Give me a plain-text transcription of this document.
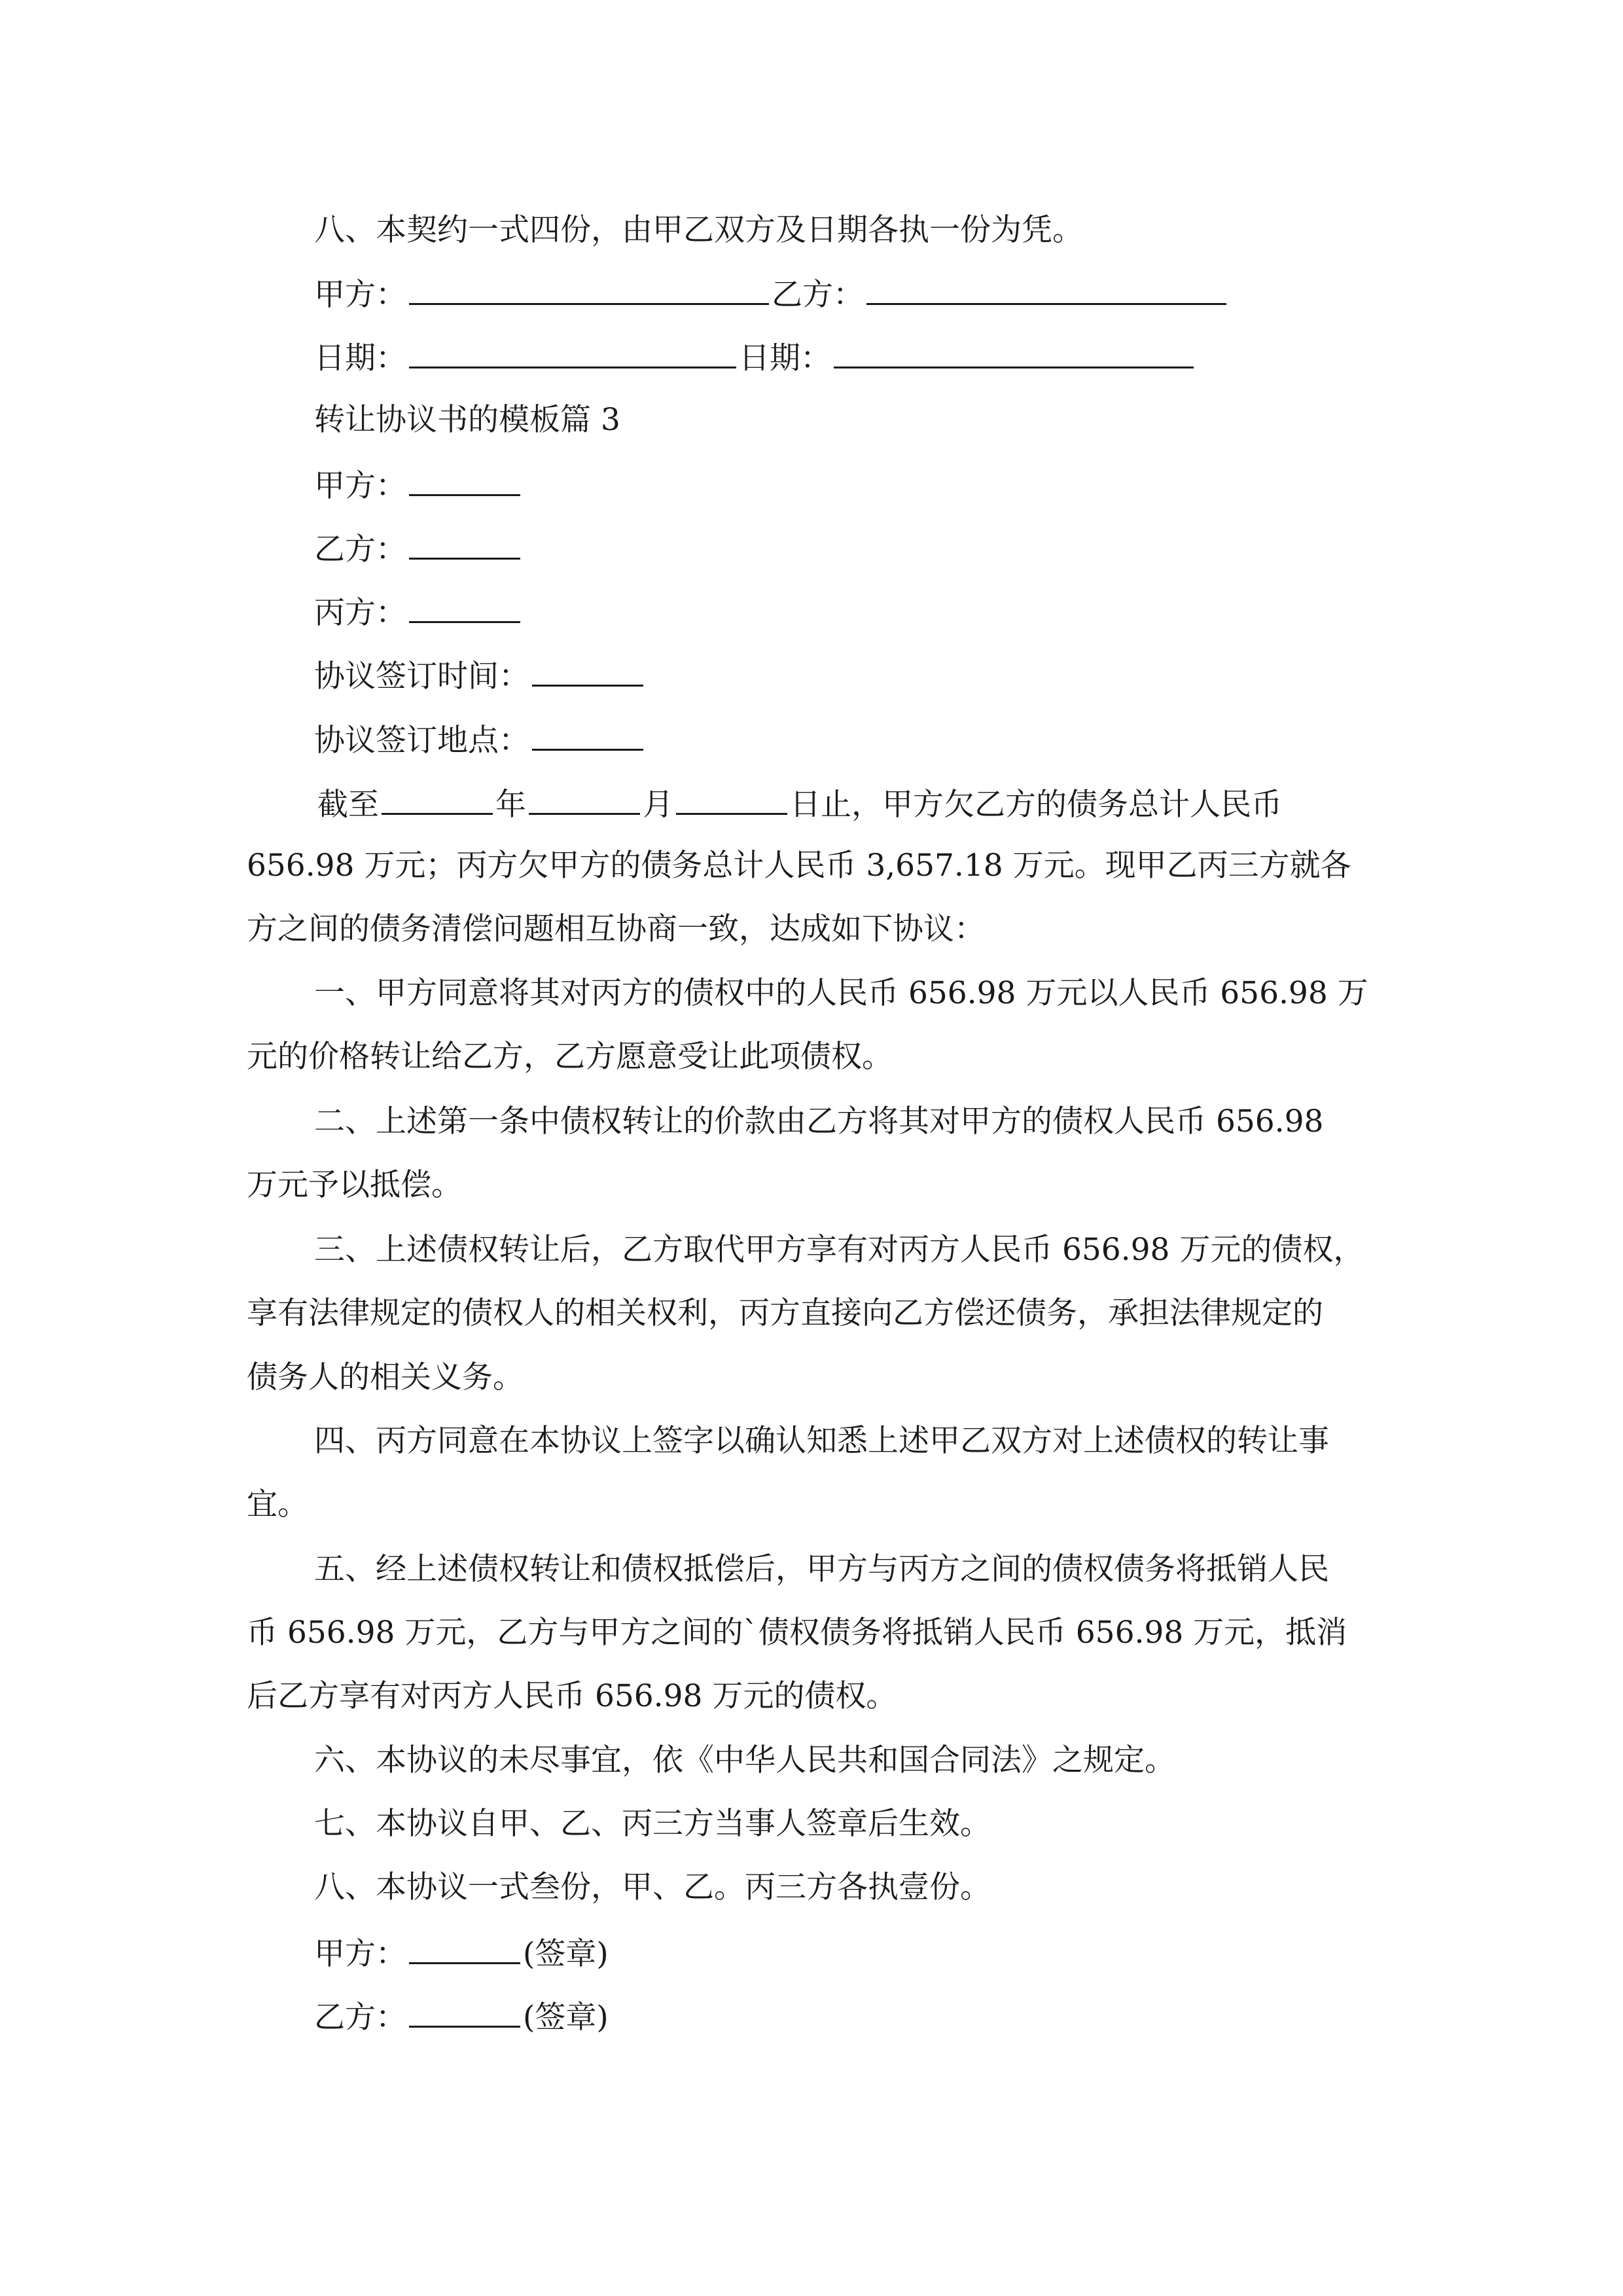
八、本契约一式四份，由甲乙双方及日期各执一份为凭。
甲方：	乙方：
日期：	日期：
转让协议书的模板篇 3
甲方：
乙方：
丙方：
协议签订时间：
协议签订地点：
截至	年	月	日止，甲方欠乙方的债务总计人民币
656.98 万元；丙方欠甲方的债务总计人民币 3,657.18 万元。现甲乙丙三方就各
方之间的债务清偿问题相互协商一致，达成如下协议：
一、甲方同意将其对丙方的债权中的人民币 656.98 万元以人民币 656.98 万
元的价格转让给乙方，乙方愿意受让此项债权。
二、上述第一条中债权转让的价款由乙方将其对甲方的债权人民币 656.98
万元予以抵偿。
三、上述债权转让后，乙方取代甲方享有对丙方人民币 656.98 万元的债权，
享有法律规定的债权人的相关权利，丙方直接向乙方偿还债务，承担法律规定的
债务人的相关义务。
四、丙方同意在本协议上签字以确认知悉上述甲乙双方对上述债权的转让事
宜。
五、经上述债权转让和债权抵偿后，甲方与丙方之间的债权债务将抵销人民
币 656.98 万元，乙方与甲方之间的`债权债务将抵销人民币 656.98 万元，抵消
后乙方享有对丙方人民币 656.98 万元的债权。
六、本协议的未尽事宜，依《中华人民共和国合同法》之规定。
七、本协议自甲、乙、丙三方当事人签章后生效。
八、本协议一式叁份，甲、乙。丙三方各执壹份。
甲方：	(签章)
乙方：	(签章)
